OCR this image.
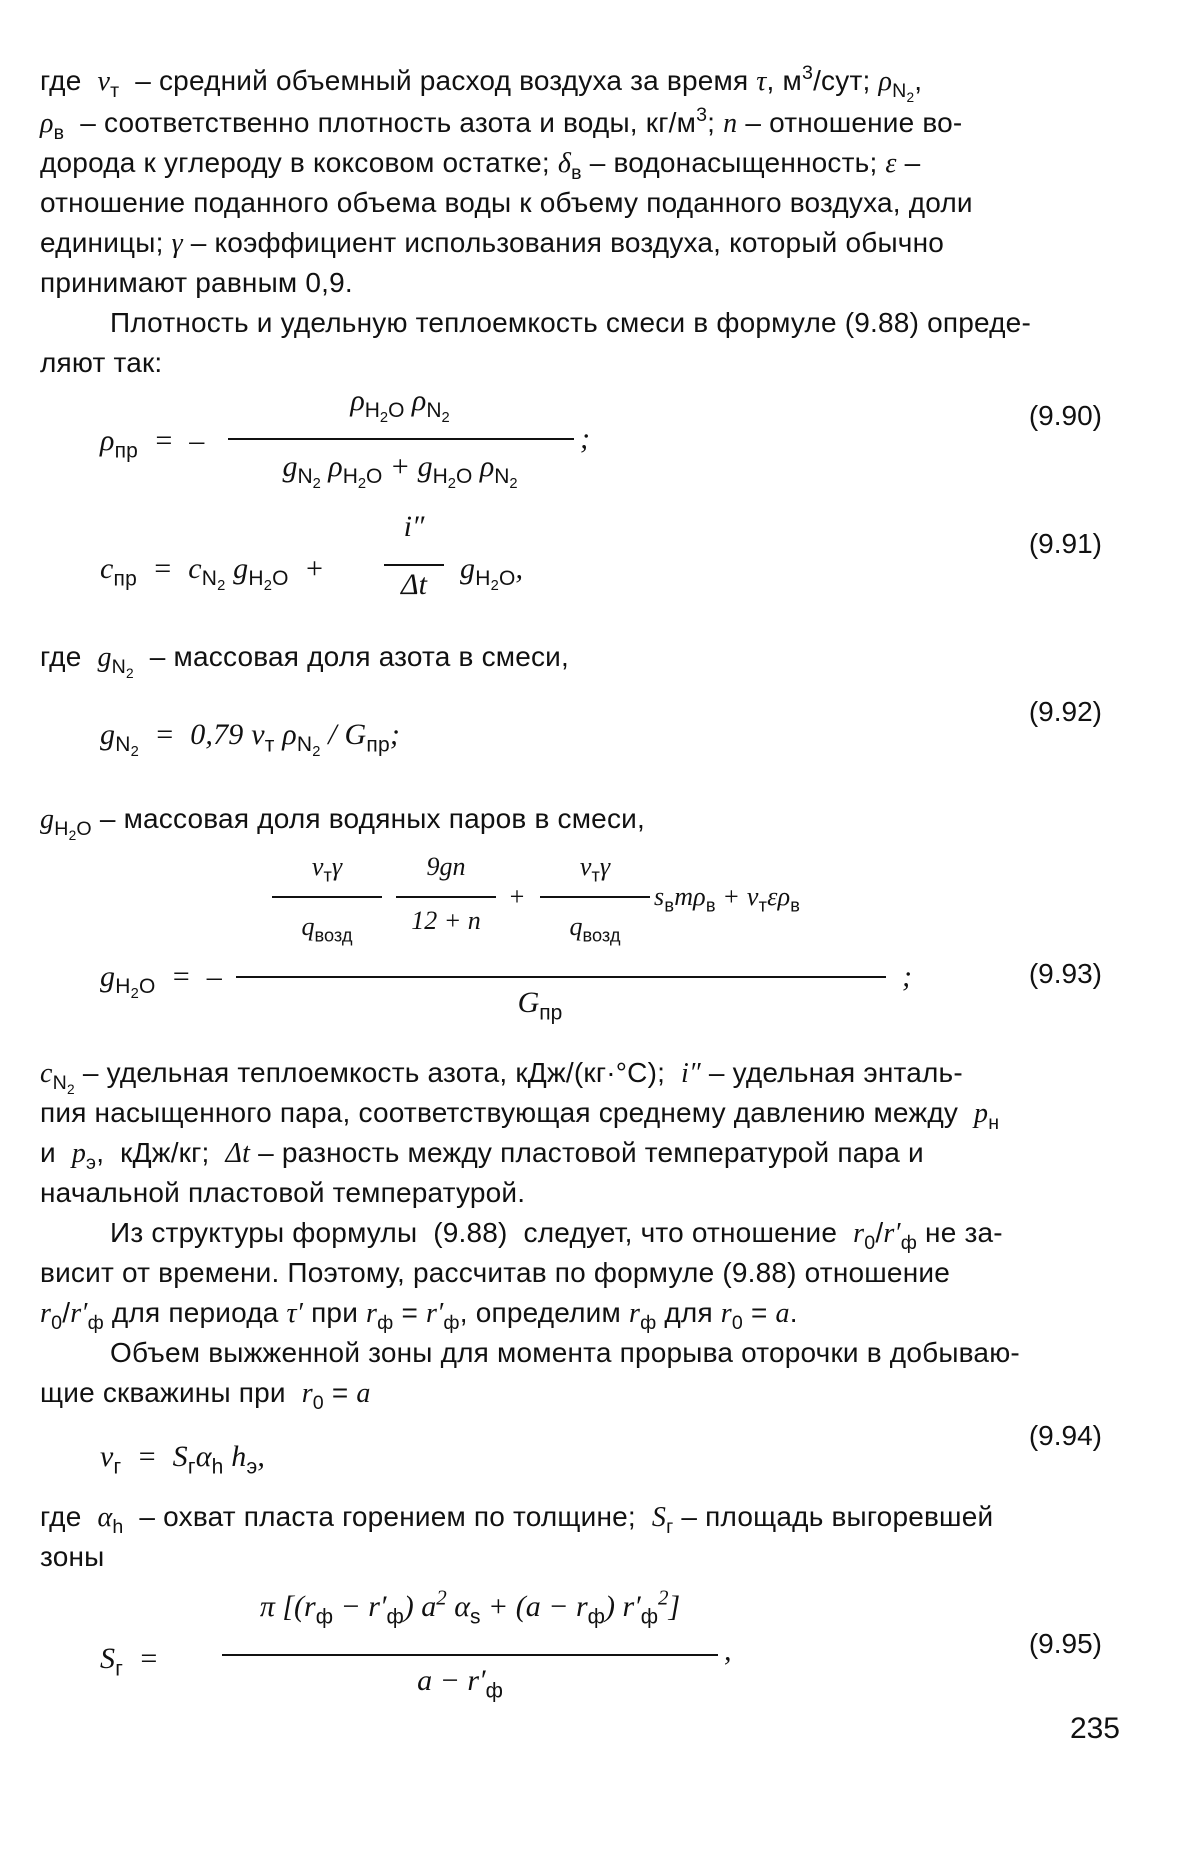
где  $v_т$  – средний объемный расход воздуха за время τ, $м^3$/сут; $\rho_{N_2}$,
$\rho_в$  – соответственно плотность азота и воды, $кг/м^3$; n – отношение во-
дорода к углероду в коксовом остатке; $\delta_в$ – водонасыщенность; ε –
отношение поданного объема воды к объему поданного воздуха, доли
единицы; γ – коэффициент использования воздуха, который обычно
принимают равным 0,9.
Плотность и удельную теплоемкость смеси в формуле (9.88) опреде-
ляют так:
$\rho_{пр}$  =  –
$\rho_{H_2O}$ $\rho_{N_2}$
$g_{N_2}$ $\rho_{H_2O} + g_{H_2O}$ $\rho_{N_2}$
;
(9.90)
$c_{пр} = c_{N_2}$ $g_{H_2O}$  +
i″
Δt	$g_{H_2O}$,
(9.91)
где  $g_{N_2}$  – массовая доля азота в смеси,
$g_{N_2} = 0,79$ $v_т$ $\rho_{N_2} / G_{пр}$;
(9.92)
$g_{H_2O}$ – массовая доля водяных паров в смеси,
$v_т\gamma$
$q_{возд}$
9gn
12 + n
+
$v_т\gamma$
$q_{возд}$
$s_вm\rho_в + v_т\varepsilon\rho_в$
$g_{H_2O}$  =  –
$G_{пр}$
;	(9.93)
$c_{N_2}$ – удельная теплоемкость азота, кДж/(кг·°С);  i″ – удельная энталь-
пия насыщенного пара, соответствующая среднему давлению между  $р_н$
и  $р_э$,  кДж/кг;  Δt – разность между пластовой температурой пара и
начальной пластовой температурой.
Из структуры формулы  (9.88)  следует, что отношение  $r_0/r'_ф$ не за-
висит от времени. Поэтому, рассчитав по формуле (9.88) отношение
$r_0/r'_ф$ для периода τ′ при $r_ф = r'_ф$, определим $r_ф$ для $r_0 = a$.
Объем выжженной зоны для момента прорыва оторочки в добываю-
щие скважины при  $r_0 = a$
$v_г = S_г\alpha_h$ $h_э$,
(9.94)
где  $\alpha_h$  – охват пласта горением по толщине;  $S_г$ – площадь выгоревшей
зоны
$S_г$  =
π [$(r_ф - r'_ф)$ $a^2$ $\alpha_s + (a - r_ф)$ $r'_ф^2$]
$a - r'_ф$
,	(9.95)
235
